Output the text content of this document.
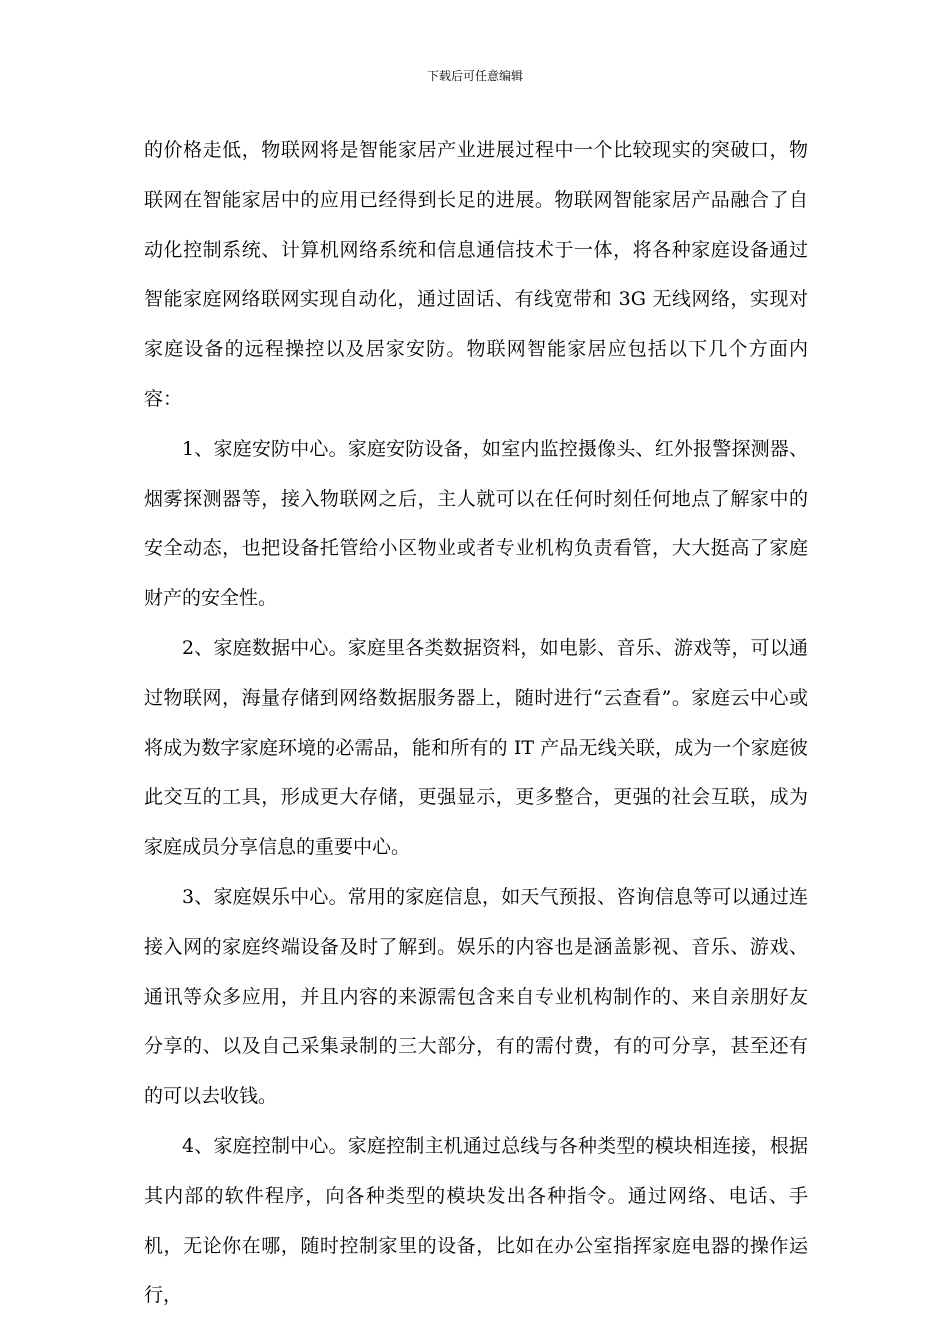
下载后可任意编辑

的价格走低，物联网将是智能家居产业进展过程中一个比较现实的突破口，物联网在智能家居中的应用已经得到长足的进展。物联网智能家居产品融合了自动化控制系统、计算机网络系统和信息通信技术于一体，将各种家庭设备通过智能家庭网络联网实现自动化，通过固话、有线宽带和 3G 无线网络，实现对家庭设备的远程操控以及居家安防。物联网智能家居应包括以下几个方面内容：

1、家庭安防中心。家庭安防设备，如室内监控摄像头、红外报警探测器、烟雾探测器等，接入物联网之后，主人就可以在任何时刻任何地点了解家中的安全动态，也把设备托管给小区物业或者专业机构负责看管，大大挺高了家庭财产的安全性。

2、家庭数据中心。家庭里各类数据资料，如电影、音乐、游戏等，可以通过物联网，海量存储到网络数据服务器上，随时进行“云查看”。家庭云中心或将成为数字家庭环境的必需品，能和所有的 IT 产品无线关联，成为一个家庭彼此交互的工具，形成更大存储，更强显示，更多整合，更强的社会互联，成为家庭成员分享信息的重要中心。

3、家庭娱乐中心。常用的家庭信息，如天气预报、咨询信息等可以通过连接入网的家庭终端设备及时了解到。娱乐的内容也是涵盖影视、音乐、游戏、通讯等众多应用，并且内容的来源需包含来自专业机构制作的、来自亲朋好友分享的、以及自己采集录制的三大部分，有的需付费，有的可分享，甚至还有的可以去收钱。

4、家庭控制中心。家庭控制主机通过总线与各种类型的模块相连接，根据其内部的软件程序，向各种类型的模块发出各种指令。通过网络、电话、手机，无论你在哪，随时控制家里的设备，比如在办公室指挥家庭电器的操作运行，
